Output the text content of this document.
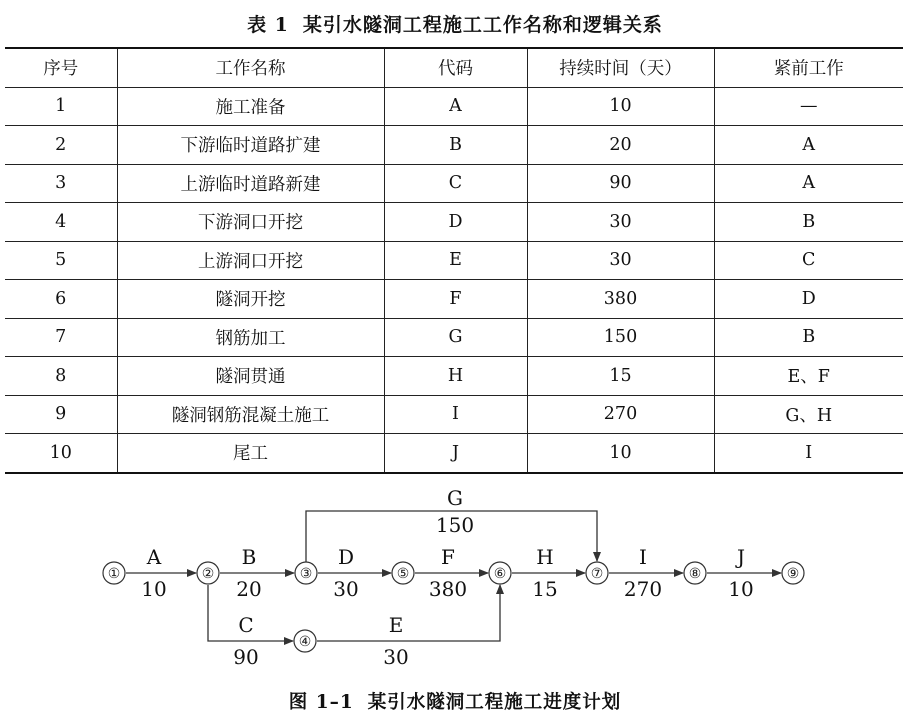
表 1 某引水隧洞工程施工工作名称和逻辑关系
序号	工作名称	代码	持续时间（天）	紧前工作
1	施工准备	A	10	—
2	下游临时道路扩建	B	20	A
3	上游临时道路新建	C	90	A
4	下游洞口开挖	D	30	B
5	上游洞口开挖	E	30	C
6	隧洞开挖	F	380	D
7	钢筋加工	G	150	B
8	隧洞贯通	H	15	E、F
9	隧洞钢筋混凝土施工	I	270	G、H
10	尾工	J	10	I
①	②	③
④
⑤	⑥	⑦	⑧	⑨
A
10
B
20
D
30
F
380
H
15
I
270
J
10
G
150
C
90
E
30
图 1–1 某引水隧洞工程施工进度计划
